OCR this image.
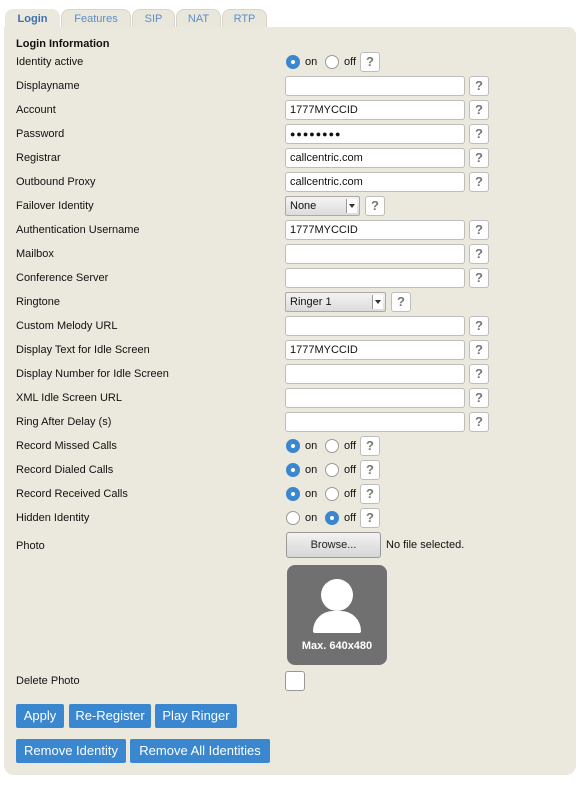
Login	Features	SIP	NAT	RTP
Login Information
Identity active	on off ?
Displayname	?
Account	1777MYCCID	?
Password	●●●●●●●●	?
Registrar	callcentric.com	?
Outbound Proxy	callcentric.com	?
Failover Identity	None	?
Authentication Username	1777MYCCID	?
Mailbox	?
Conference Server	?
Ringtone	Ringer 1	?
Custom Melody URL	?
Display Text for Idle Screen	1777MYCCID	?
Display Number for Idle Screen	?
XML Idle Screen URL	?
Ring After Delay (s)	?
Record Missed Calls	on off ?
Record Dialed Calls	on off ?
Record Received Calls	on off ?
Hidden Identity	on off ?
Photo	Browse...	No file selected.
Max. 640x480
Delete Photo
Apply	Re-Register	Play Ringer
Remove Identity	Remove All Identities
